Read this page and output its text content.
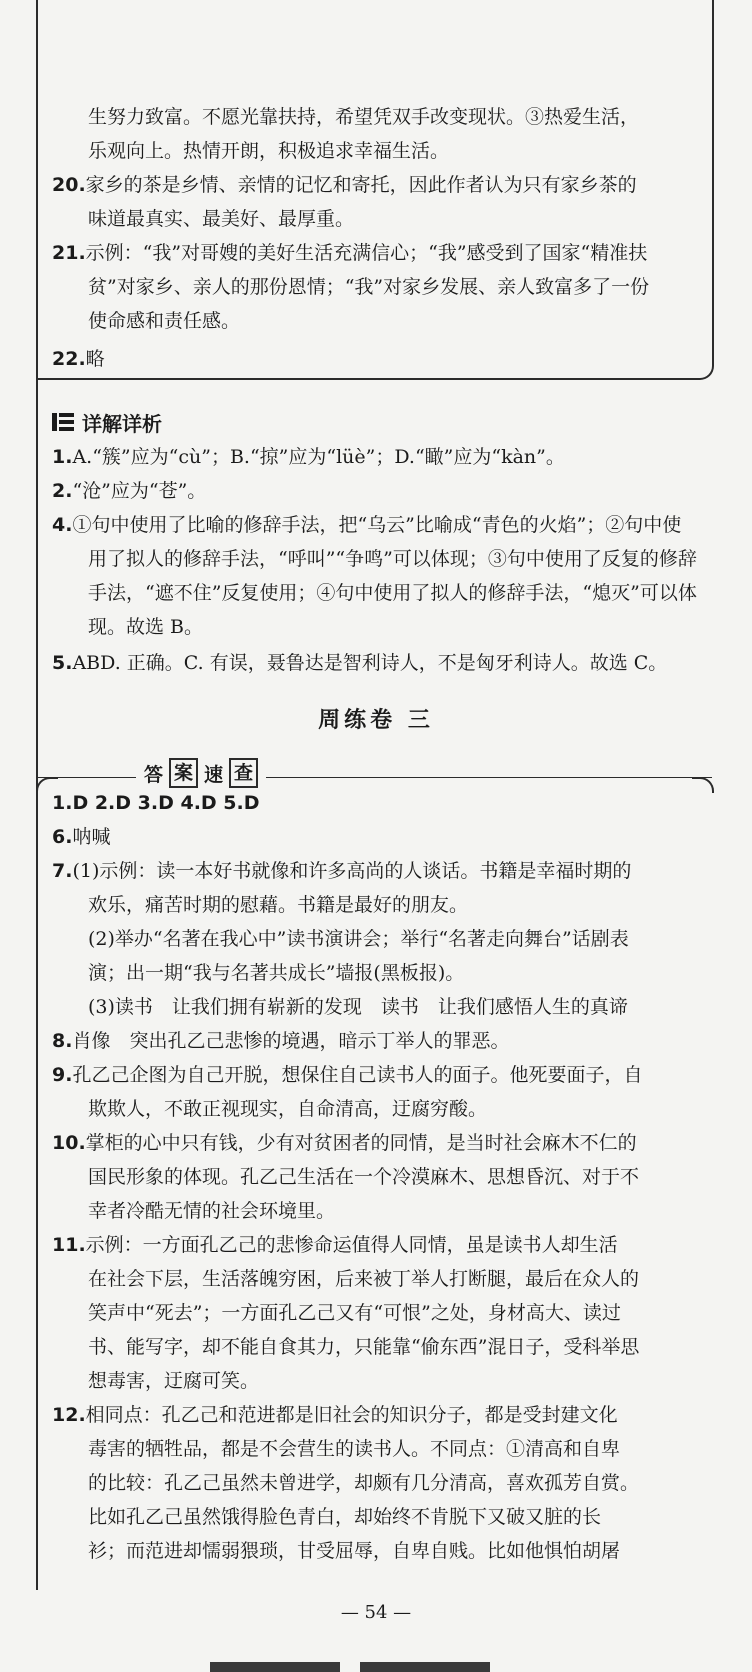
生努力致富。不愿光靠扶持，希望凭双手改变现状。③热爱生活，
乐观向上。热情开朗，积极追求幸福生活。
20.家乡的茶是乡情、亲情的记忆和寄托，因此作者认为只有家乡茶的
味道最真实、最美好、最厚重。
21.示例：“我”对哥嫂的美好生活充满信心；“我”感受到了国家“精准扶
贫”对家乡、亲人的那份恩情；“我”对家乡发展、亲人致富多了一份
使命感和责任感。
22.略
详解详析
1.A.“簇”应为“cù”；B.“掠”应为“lüè”；D.“瞰”应为“kàn”。
2.“沧”应为“苍”。
4.①句中使用了比喻的修辞手法，把“乌云”比喻成“青色的火焰”；②句中使
用了拟人的修辞手法，“呼叫”“争鸣”可以体现；③句中使用了反复的修辞
手法，“遮不住”反复使用；④句中使用了拟人的修辞手法，“熄灭”可以体
现。故选 B。
5.ABD. 正确。C. 有误，聂鲁达是智利诗人，不是匈牙利诗人。故选 C。
周练卷 三
答 案 速 查
1.D 2.D 3.D 4.D 5.D
6.呐喊
7.(1)示例：读一本好书就像和许多高尚的人谈话。书籍是幸福时期的
欢乐，痛苦时期的慰藉。书籍是最好的朋友。
(2)举办“名著在我心中”读书演讲会；举行“名著走向舞台”话剧表
演；出一期“我与名著共成长”墙报(黑板报)。
(3)读书　让我们拥有崭新的发现　读书　让我们感悟人生的真谛
8.肖像　突出孔乙己悲惨的境遇，暗示丁举人的罪恶。
9.孔乙己企图为自己开脱，想保住自己读书人的面子。他死要面子，自
欺欺人，不敢正视现实，自命清高，迂腐穷酸。
10.掌柜的心中只有钱，少有对贫困者的同情，是当时社会麻木不仁的
国民形象的体现。孔乙己生活在一个冷漠麻木、思想昏沉、对于不
幸者冷酷无情的社会环境里。
11.示例：一方面孔乙己的悲惨命运值得人同情，虽是读书人却生活
在社会下层，生活落魄穷困，后来被丁举人打断腿，最后在众人的
笑声中“死去”；一方面孔乙己又有“可恨”之处，身材高大、读过
书、能写字，却不能自食其力，只能靠“偷东西”混日子，受科举思
想毒害，迂腐可笑。
12.相同点：孔乙己和范进都是旧社会的知识分子，都是受封建文化
毒害的牺牲品，都是不会营生的读书人。不同点：①清高和自卑
的比较：孔乙己虽然未曾进学，却颇有几分清高，喜欢孤芳自赏。
比如孔乙己虽然饿得脸色青白，却始终不肯脱下又破又脏的长
衫；而范进却懦弱猥琐，甘受屈辱，自卑自贱。比如他惧怕胡屠
— 54 —
